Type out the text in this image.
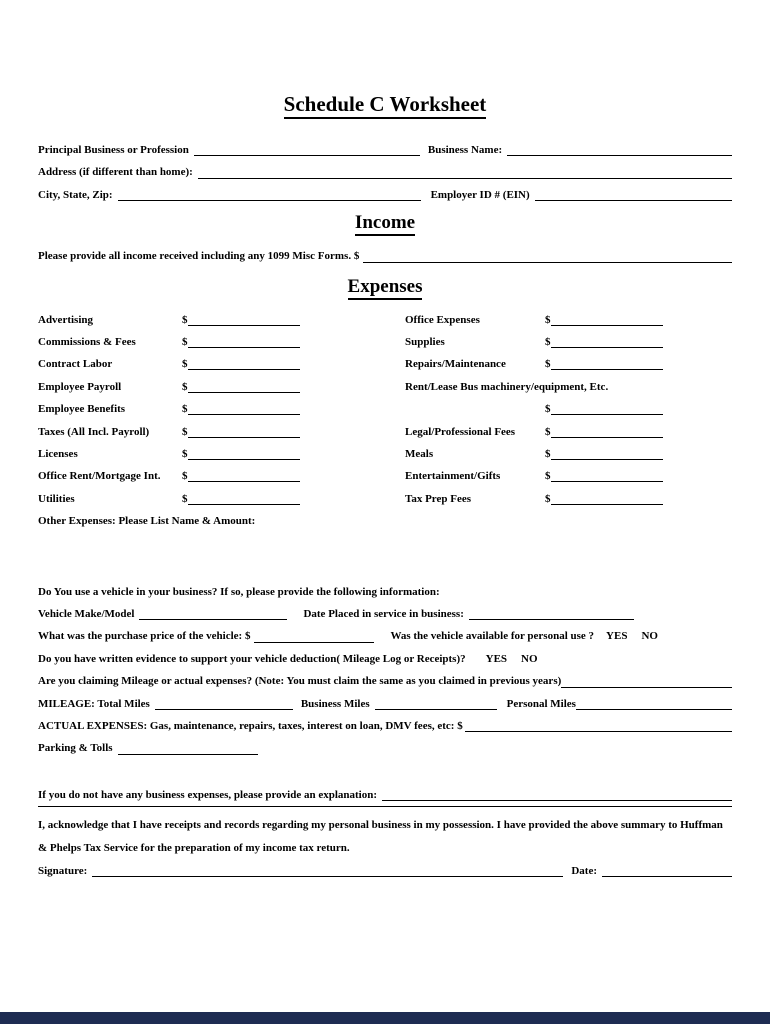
Schedule C Worksheet
Principal Business or Profession	Business Name:
Address (if different than home):
City, State, Zip:	Employer ID # (EIN)
Income
Please provide all income received including any 1099 Misc Forms. $
Expenses
Advertising	$	Office Expenses	$
Commissions & Fees	$	Supplies	$
Contract Labor	$	Repairs/Maintenance	$
Employee Payroll	$	Rent/Lease Bus machinery/equipment, Etc.
Employee Benefits	$	$
Taxes (All Incl. Payroll)	$	Legal/Professional Fees	$
Licenses	$	Meals	$
Office Rent/Mortgage Int. $	Entertainment/Gifts	$
Utilities	$	Tax Prep Fees	$
Other Expenses: Please List Name & Amount:
Do You use a vehicle in your business? If so, please provide the following information:
Vehicle Make/Model	Date Placed in service in business:
What was the purchase price of the vehicle: $	Was the vehicle available for personal use ? YES NO
Do you have written evidence to support your vehicle deduction( Mileage Log or Receipts)? YES NO
Are you claiming Mileage or actual expenses? (Note: You must claim the same as you claimed in previous years)
MILEAGE: Total Miles	Business Miles	Personal Miles
ACTUAL EXPENSES: Gas, maintenance, repairs, taxes, interest on loan, DMV fees, etc: $
Parking & Tolls
If you do not have any business expenses, please provide an explanation:

I, acknowledge that I have receipts and records regarding my personal business in my possession. I have provided the above summary to Huffman & Phelps Tax Service for the preparation of my income tax return.

Signature:	Date:
